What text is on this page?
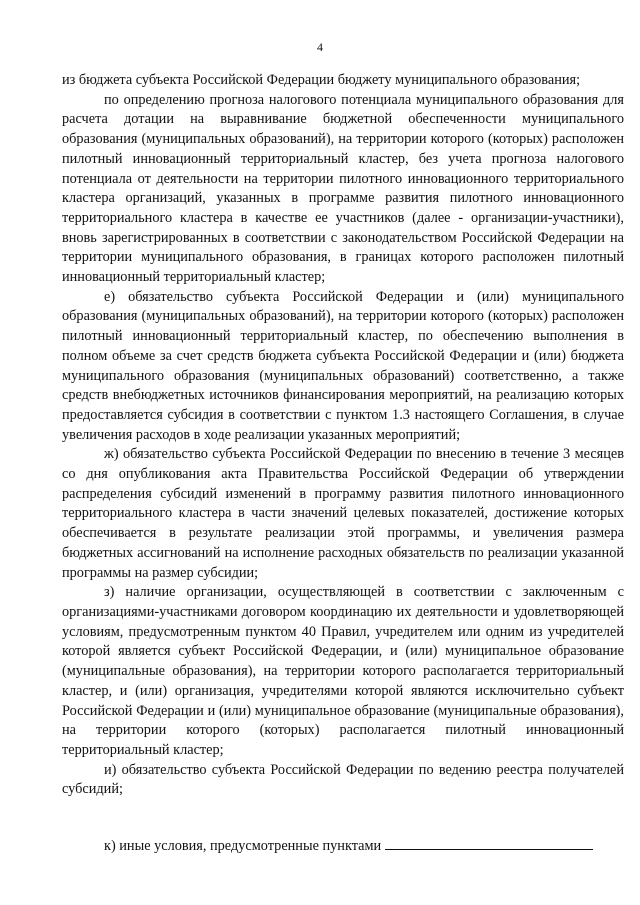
4

из бюджета субъекта Российской Федерации бюджету муниципального образования;

по определению прогноза налогового потенциала муниципального образования для расчета дотации на выравнивание бюджетной обеспеченности муниципального образования (муниципальных образований), на территории которого (которых) расположен пилотный инновационный территориальный кластер, без учета прогноза налогового потенциала от деятельности на территории пилотного инновационного территориального кластера организаций, указанных в программе развития пилотного инновационного территориального кластера в качестве ее участников (далее - организации-участники), вновь зарегистрированных в соответствии с законодательством Российской Федерации на территории муниципального образования, в границах которого расположен пилотный инновационный территориальный кластер;

е) обязательство субъекта Российской Федерации и (или) муниципального образования (муниципальных образований), на территории которого (которых) расположен пилотный инновационный территориальный кластер, по обеспечению выполнения в полном объеме за счет средств бюджета субъекта Российской Федерации и (или) бюджета муниципального образования (муниципальных образований) соответственно, а также средств внебюджетных источников финансирования мероприятий, на реализацию которых предоставляется субсидия в соответствии с пунктом 1.3 настоящего Соглашения, в случае увеличения расходов в ходе реализации указанных мероприятий;

ж) обязательство субъекта Российской Федерации по внесению в течение 3 месяцев со дня опубликования акта Правительства Российской Федерации об утверждении распределения субсидий изменений в программу развития пилотного инновационного территориального кластера в части значений целевых показателей, достижение которых обеспечивается в результате реализации этой программы, и увеличения размера бюджетных ассигнований на исполнение расходных обязательств по реализации указанной программы на размер субсидии;

з) наличие организации, осуществляющей в соответствии с заключенным с организациями-участниками договором координацию их деятельности и удовлетворяющей условиям, предусмотренным пунктом 40 Правил, учредителем или одним из учредителей которой является субъект Российской Федерации, и (или) муниципальное образование (муниципальные образования), на территории которого располагается территориальный кластер, и (или) организация, учредителями которой являются исключительно субъект Российской Федерации и (или) муниципальное образование (муниципальные образования), на территории которого (которых) располагается пилотный инновационный территориальный кластер;

и) обязательство субъекта Российской Федерации по ведению реестра получателей субсидий;

к) иные условия, предусмотренные пунктами
